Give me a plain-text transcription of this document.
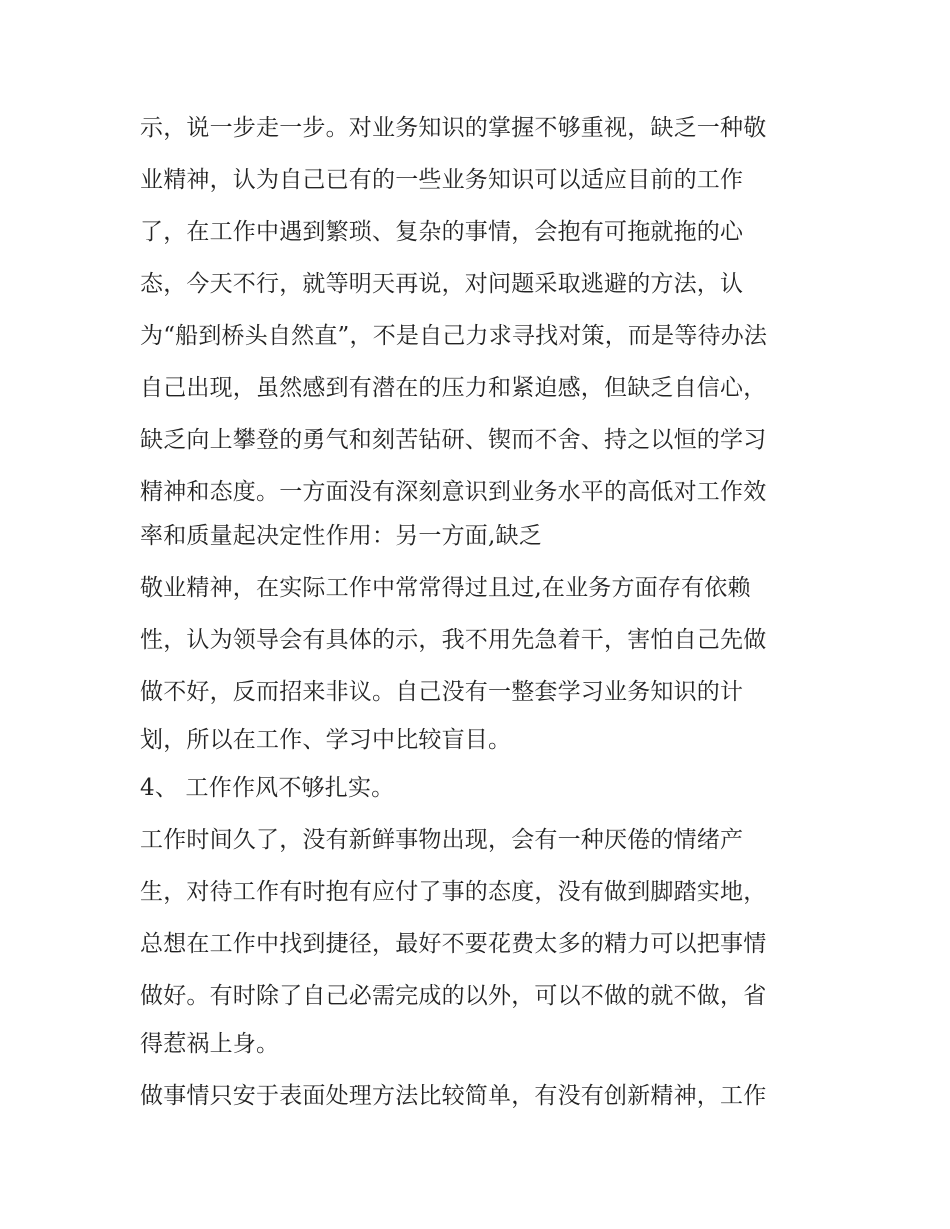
示，说一步走一步。对业务知识的掌握不够重视，缺乏一种敬

业精神，认为自己已有的一些业务知识可以适应目前的工作

了，在工作中遇到繁琐、复杂的事情，会抱有可拖就拖的心

态，今天不行，就等明天再说，对问题采取逃避的方法，认

为“船到桥头自然直”，不是自己力求寻找对策，而是等待办法

自己出现，虽然感到有潜在的压力和紧迫感，但缺乏自信心，

缺乏向上攀登的勇气和刻苦钻研、锲而不舍、持之以恒的学习

精神和态度。一方面没有深刻意识到业务水平的高低对工作效

率和质量起决定性作用：另一方面,缺乏

敬业精神，在实际工作中常常得过且过,在业务方面存有依赖

性，认为领导会有具体的示，我不用先急着干，害怕自己先做

做不好，反而招来非议。自己没有一整套学习业务知识的计

划，所以在工作、学习中比较盲目。

4、 工作作风不够扎实。

工作时间久了，没有新鲜事物出现，会有一种厌倦的情绪产

生，对待工作有时抱有应付了事的态度，没有做到脚踏实地，

总想在工作中找到捷径，最好不要花费太多的精力可以把事情

做好。有时除了自己必需完成的以外，可以不做的就不做，省

得惹祸上身。

做事情只安于表面处理方法比较简单，有没有创新精神，工作
